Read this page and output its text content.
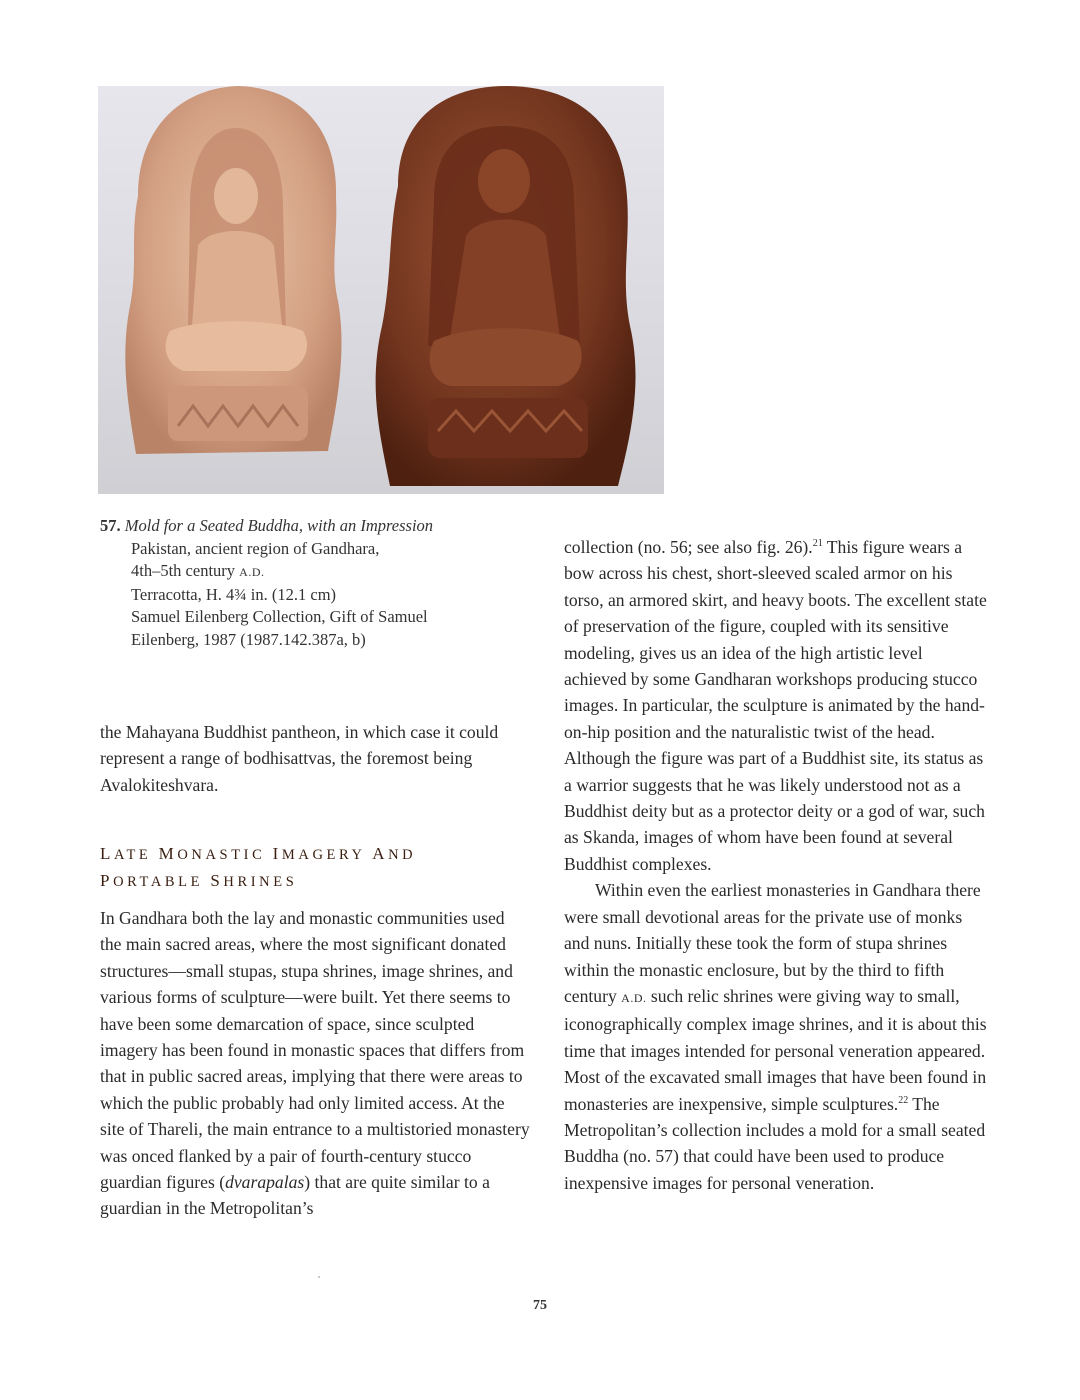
57. Mold for a Seated Buddha, with an Impression
Pakistan, ancient region of Gandhara,
4th–5th century A.D.
Terracotta, H. 4¾ in. (12.1 cm)
Samuel Eilenberg Collection, Gift of Samuel
Eilenberg, 1987 (1987.142.387a, b)

the Mahayana Buddhist pantheon, in which case it could represent a range of bodhisattvas, the foremost being Avalokiteshvara.

LATE MONASTIC IMAGERY AND
PORTABLE SHRINES

In Gandhara both the lay and monastic communities used the main sacred areas, where the most significant donated structures—small stupas, stupa shrines, image shrines, and various forms of sculpture—were built. Yet there seems to have been some demarcation of space, since sculpted imagery has been found in monastic spaces that differs from that in public sacred areas, implying that there were areas to which the public probably had only limited access. At the site of Thareli, the main entrance to a multistoried monastery was onced flanked by a pair of fourth-century stucco guardian figures (dvarapalas) that are quite similar to a guardian in the Metropolitan’s

collection (no. 56; see also fig. 26).$^{21}$ This figure wears a bow across his chest, short-sleeved scaled armor on his torso, an armored skirt, and heavy boots. The excellent state of preservation of the figure, coupled with its sensitive modeling, gives us an idea of the high artistic level achieved by some Gandharan workshops producing stucco images. In particular, the sculpture is animated by the hand-on-hip position and the naturalistic twist of the head. Although the figure was part of a Buddhist site, its status as a warrior suggests that he was likely understood not as a Buddhist deity but as a protector deity or a god of war, such as Skanda, images of whom have been found at several Buddhist complexes.

Within even the earliest monasteries in Gandhara there were small devotional areas for the private use of monks and nuns. Initially these took the form of stupa shrines within the monastic enclosure, but by the third to fifth century A.D. such relic shrines were giving way to small, iconographically complex image shrines, and it is about this time that images intended for personal veneration appeared. Most of the excavated small images that have been found in monasteries are inexpensive, simple sculptures.$^{22}$ The Metropolitan’s collection includes a mold for a small seated Buddha (no. 57) that could have been used to produce inexpensive images for personal veneration.

75
